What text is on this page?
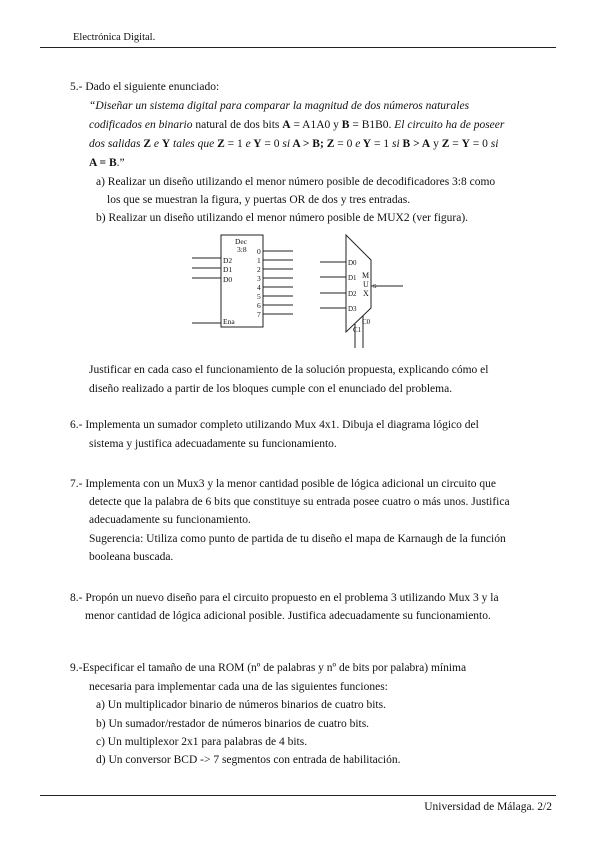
Electrónica Digital.
5.- Dado el siguiente enunciado:
“Diseñar un sistema digital para comparar la magnitud de dos números naturales
codificados en binario natural de dos bits A = A1A0 y B = B1B0. El circuito ha de poseer
dos salidas Z e Y tales que Z = 1 e Y = 0 si A > B; Z = 0 e Y = 1 si B > A y Z = Y = 0 si
A = B.”
a) Realizar un diseño utilizando el menor número posible de decodificadores 3:8 como
los que se muestran la figura, y puertas OR de dos y tres entradas.
b) Realizar un diseño utilizando el menor número posible de MUX2 (ver figura).
Dec
3:8
D2
D1
D0
Ena
0
1
2
3
4
5
6
7
D0
D1
D2
D3
M
U
X
S
C0
C1
Justificar en cada caso el funcionamiento de la solución propuesta, explicando cómo el
diseño realizado a partir de los bloques cumple con el enunciado del problema.
6.- Implementa un sumador completo utilizando Mux 4x1. Dibuja el diagrama lógico del
sistema y justifica adecuadamente su funcionamiento.
7.- Implementa con un Mux3 y la menor cantidad posible de lógica adicional un circuito que
detecte que la palabra de 6 bits que constituye su entrada posee cuatro o más unos. Justifica
adecuadamente su funcionamiento.
Sugerencia: Utiliza como punto de partida de tu diseño el mapa de Karnaugh de la función
booleana buscada.
8.- Propón un nuevo diseño para el circuito propuesto en el problema 3 utilizando Mux 3 y la
menor cantidad de lógica adicional posible. Justifica adecuadamente su funcionamiento.
9.-Especificar el tamaño de una ROM (nº de palabras y nº de bits por palabra) mínima
necesaria para implementar cada una de las siguientes funciones:
a) Un multiplicador binario de números binarios de cuatro bits.
b) Un sumador/restador de números binarios de cuatro bits.
c) Un multiplexor 2x1 para palabras de 4 bits.
d) Un conversor BCD -> 7 segmentos con entrada de habilitación.
Universidad de Málaga. 2/2
